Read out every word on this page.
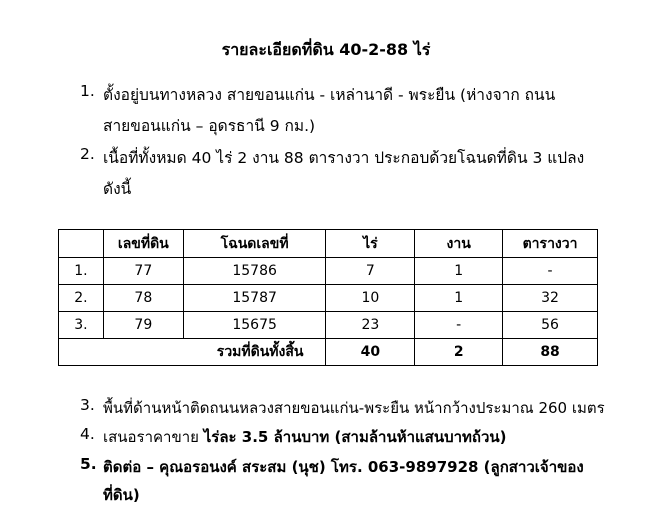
รายละเอียดที่ดิน 40-2-88 ไร่
1. ตั้งอยู่บนทางหลวง สายขอนแก่น - เหล่านาดี - พระยืน (ห่างจาก ถนน
สายขอนแก่น – อุดรธานี 9 กม.)
2. เนื้อที่ทั้งหมด 40 ไร่ 2 งาน 88 ตารางวา ประกอบด้วยโฉนดที่ดิน 3 แปลง
ดังนี้
	เลขที่ดิน	โฉนดเลขที่	ไร่	งาน	ตารางวา
1.	77	15786	7	1	-
2.	78	15787	10	1	32
3.	79	15675	23	-	56
รวมที่ดินทั้งสิ้น			40	2	88
3. พื้นที่ด้านหน้าติดถนนหลวงสายขอนแก่น-พระยืน หน้ากว้างประมาณ 260 เมตร
4. เสนอราคาขาย ไร่ละ 3.5 ล้านบาท (สามล้านห้าแสนบาทถ้วน)
5. ติดต่อ – คุณอรอนงค์ สระสม (นุช) โทร. 063-9897928 (ลูกสาวเจ้าของ
ที่ดิน)
